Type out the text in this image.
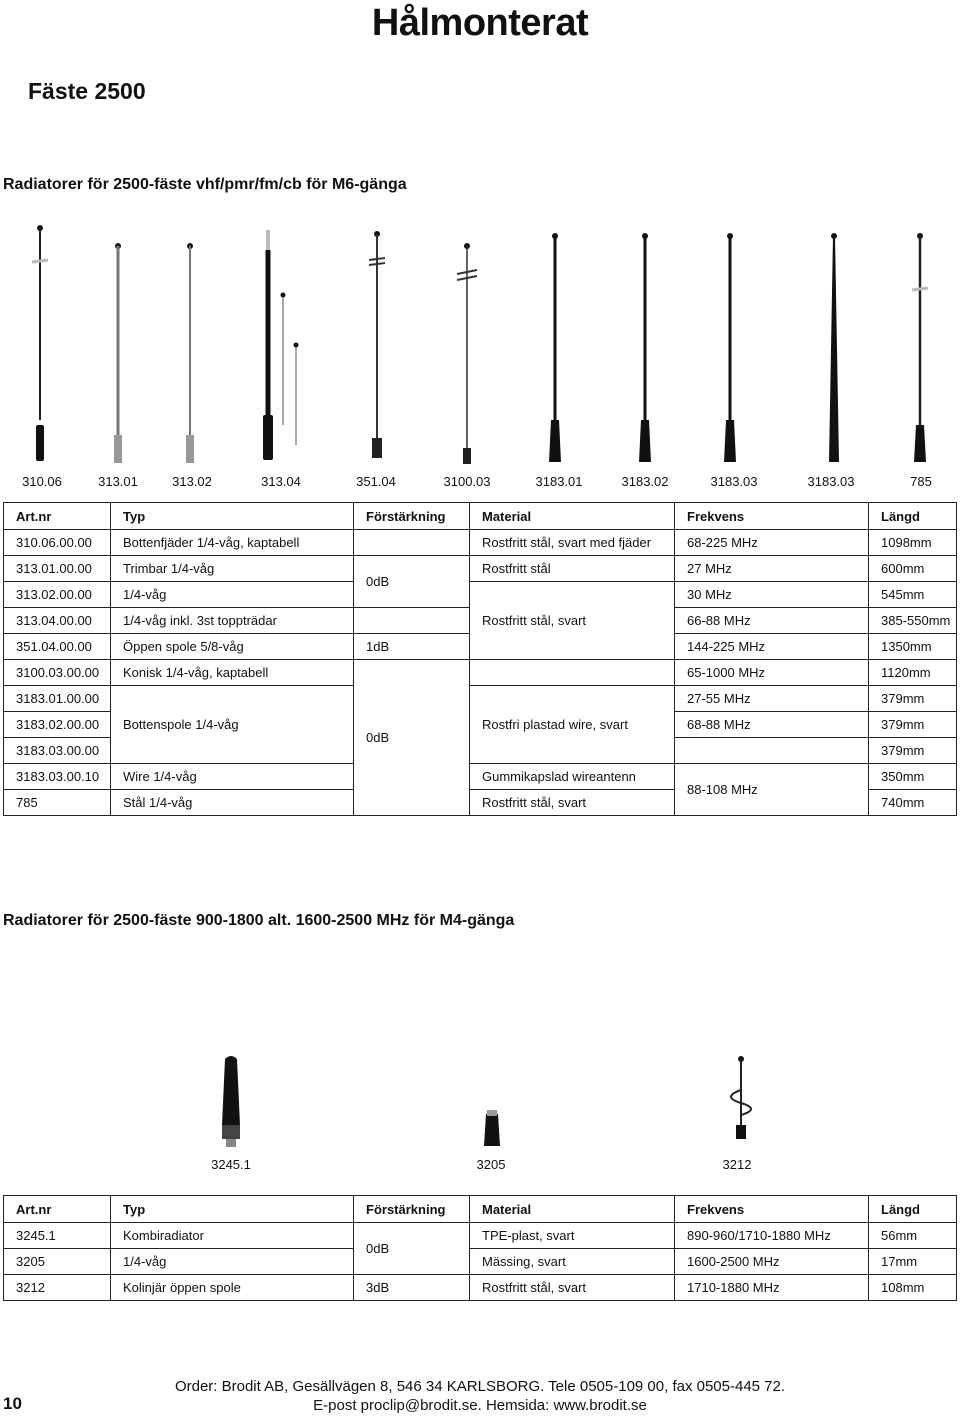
Hålmonterat
Fäste 2500
Radiatorer för 2500-fäste vhf/pmr/fm/cb för M6-gänga
310.06	313.01	313.02	313.04	351.04	3100.03	3183.01	3183.02	3183.03	3183.03	785
Art.nr	Typ	Förstärkning	Material	Frekvens	Längd
310.06.00.00	Bottenfjäder 1/4-våg, kaptabell		Rostfritt stål, svart med fjäder	68-225 MHz	1098mm
313.01.00.00	Trimbar 1/4-våg	0dB	Rostfritt stål	27 MHz	600mm
313.02.00.00	1/4-våg		Rostfritt stål, svart	30 MHz	545mm
313.04.00.00	1/4-våg inkl. 3st toppträdar			66-88 MHz	385-550mm
351.04.00.00	Öppen spole 5/8-våg	1dB		144-225 MHz	1350mm
3100.03.00.00	Konisk 1/4-våg, kaptabell	0dB		65-1000 MHz	1120mm
3183.01.00.00	Bottenspole 1/4-våg		Rostfri plastad wire, svart	27-55 MHz	379mm
3183.02.00.00				68-88 MHz	379mm
3183.03.00.00					379mm
3183.03.00.10	Wire 1/4-våg		Gummikapslad wireantenn	88-108 MHz	350mm
785	Stål 1/4-våg		Rostfritt stål, svart		740mm
Radiatorer för 2500-fäste 900-1800 alt. 1600-2500 MHz för M4-gänga
3245.1	3205	3212
Art.nr	Typ	Förstärkning	Material	Frekvens	Längd
3245.1	Kombiradiator	0dB	TPE-plast, svart	890-960/1710-1880 MHz	56mm
3205	1/4-våg		Mässing, svart	1600-2500 MHz	17mm
3212	Kolinjär öppen spole	3dB	Rostfritt stål, svart	1710-1880 MHz	108mm
Order: Brodit AB, Gesällvägen 8, 546 34 KARLSBORG. Tele 0505-109 00, fax 0505-445 72.
E-post proclip@brodit.se. Hemsida: www.brodit.se
10
